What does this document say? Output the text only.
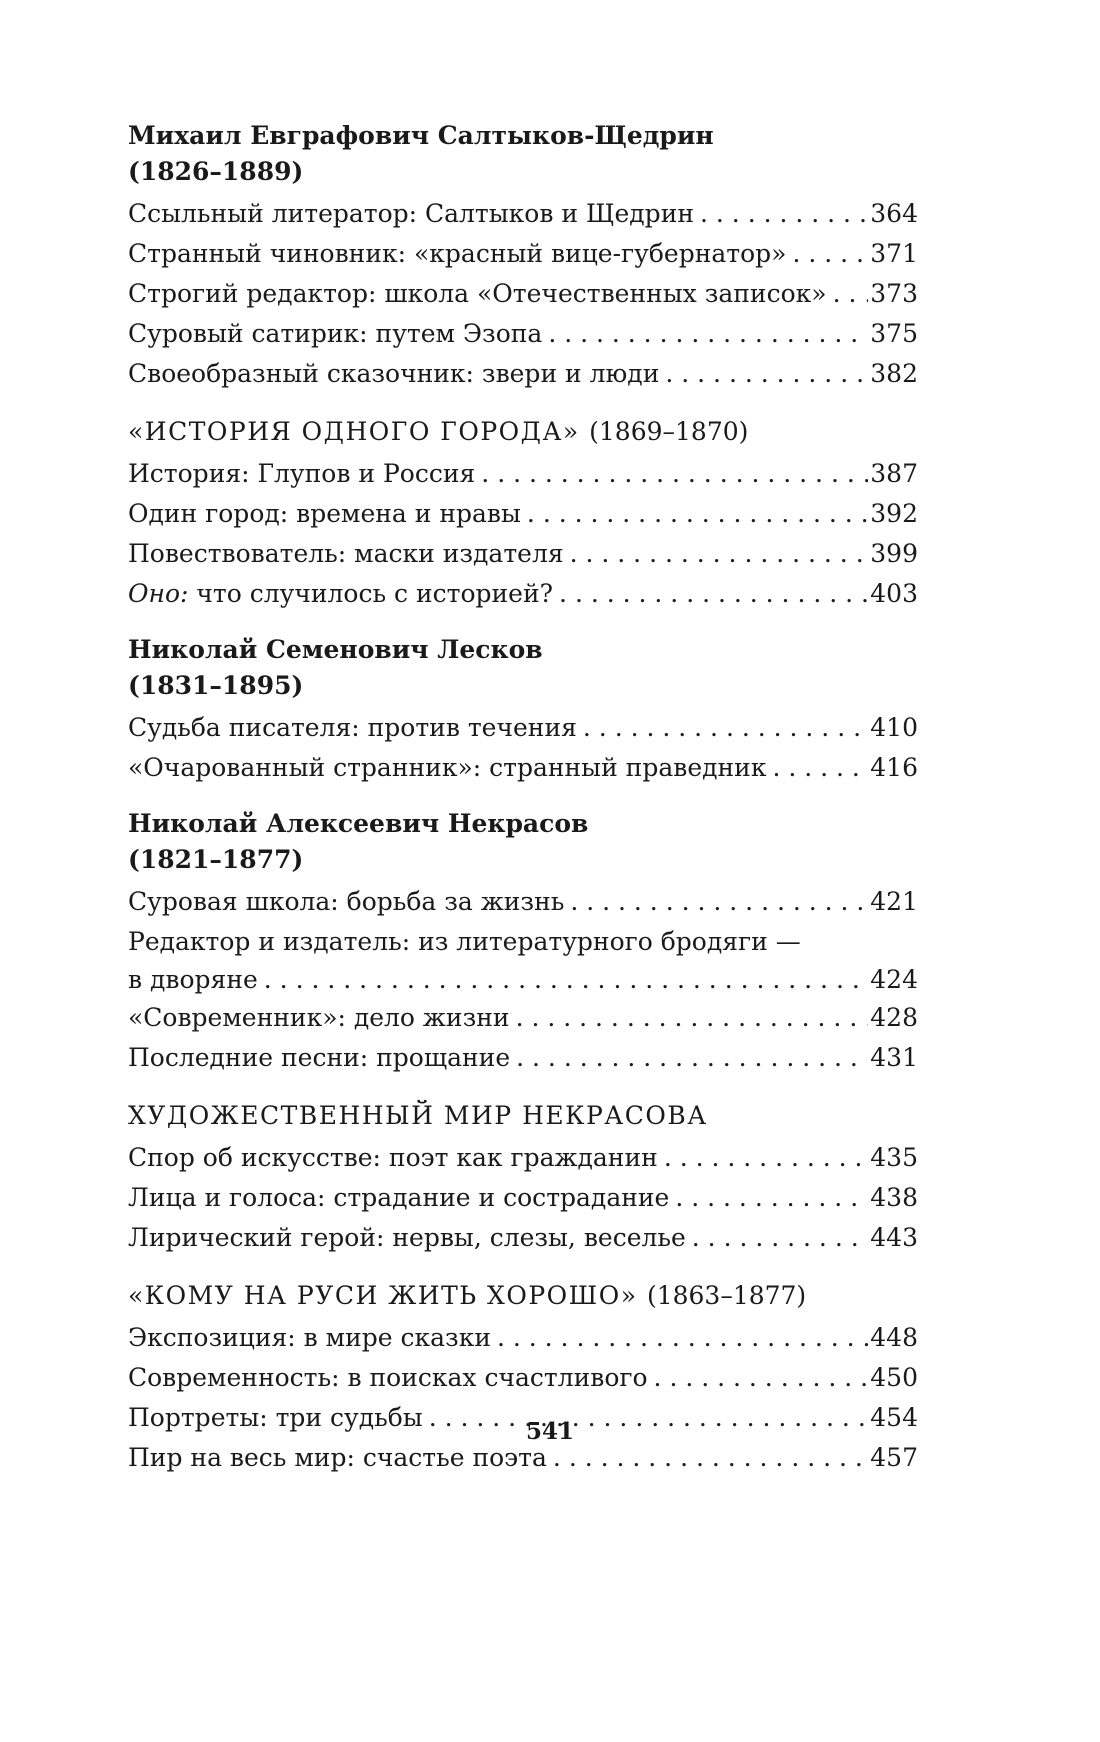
Михаил Евграфович Салтыков-Щедрин
(1826–1889)
Ссыльный литератор: Салтыков и Щедрин . . .	364
Странный чиновник: «красный вице-губернатор» . . .	371
Строгий редактор: школа «Отечественных записок» . . . 373
Суровый сатирик: путем Эзопа . . .	375
Своеобразный сказочник: звери и люди . . .	382
«ИСТОРИЯ ОДНОГО ГОРОДА» (1869–1870)
История: Глупов и Россия . . .	387
Один город: времена и нравы . . .	392
Повествователь: маски издателя . . .	399
Оно: что случилось с историей? . . .	403
Николай Семенович Лесков
(1831–1895)
Судьба писателя: против течения . . .	410
«Очарованный странник»: странный праведник . . .	416
Николай Алексеевич Некрасов
(1821–1877)
Суровая школа: борьба за жизнь . . .	421
Редактор и издатель: из литературного бродяги —
в дворяне . . .	424
«Современник»: дело жизни . . .	428
Последние песни: прощание . . .	431
ХУДОЖЕСТВЕННЫЙ МИР НЕКРАСОВА
Спор об искусстве: поэт как гражданин . . .	435
Лица и голоса: страдание и сострадание . . .	438
Лирический герой: нервы, слезы, веселье . . .	443
«КОМУ НА РУСИ ЖИТЬ ХОРОШО» (1863–1877)
Экспозиция: в мире сказки . . .	448
Современность: в поисках счастливого . . .	450
Портреты: три судьбы . . .	454
Пир на весь мир: счастье поэта . . .	457
541
